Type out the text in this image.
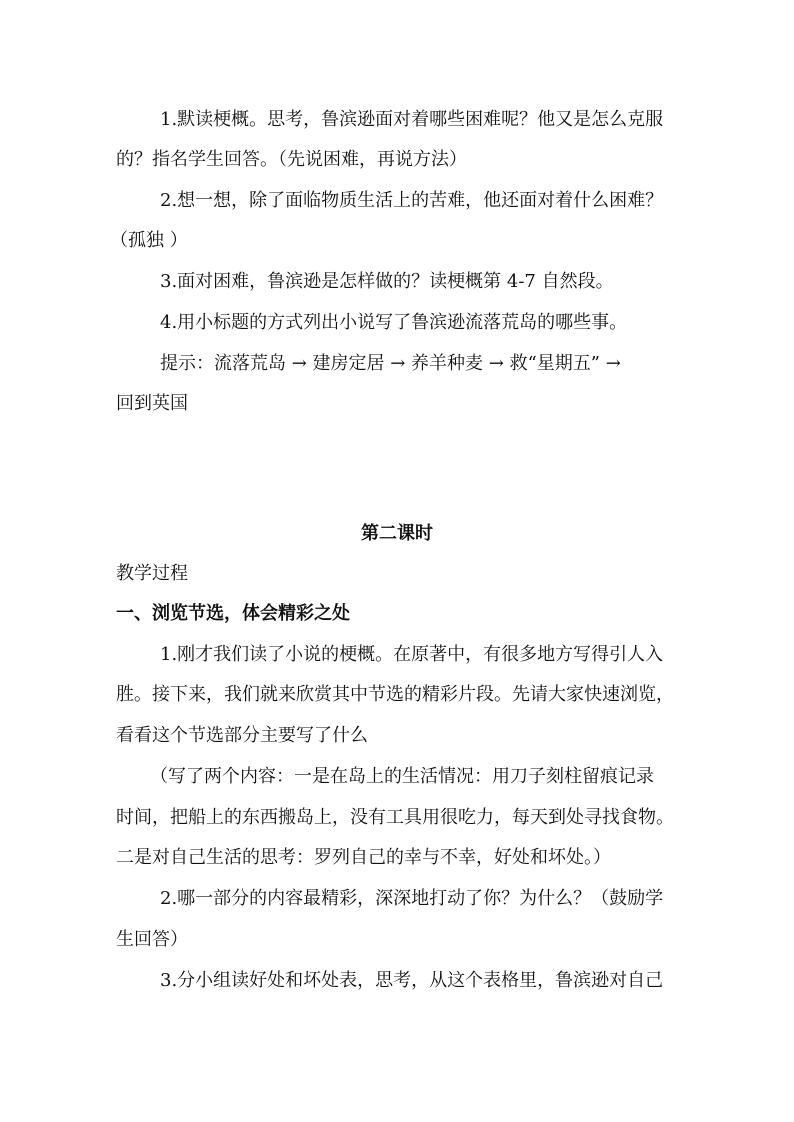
1.默读梗概。思考，鲁滨逊面对着哪些困难呢？他又是怎么克服
的？指名学生回答。（先说困难，再说方法）
2.想一想，除了面临物质生活上的苦难，他还面对着什么困难？
（孤独 ）
3.面对困难，鲁滨逊是怎样做的？读梗概第 4-7 自然段。
4.用小标题的方式列出小说写了鲁滨逊流落荒岛的哪些事。
提示：流落荒岛 → 建房定居 → 养羊种麦 → 救“星期五” →
回到英国
第二课时
教学过程
一、浏览节选，体会精彩之处
1.刚才我们读了小说的梗概。在原著中，有很多地方写得引人入
胜。接下来，我们就来欣赏其中节选的精彩片段。先请大家快速浏览，
看看这个节选部分主要写了什么
（写了两个内容：一是在岛上的生活情况：用刀子刻柱留痕记录
时间，把船上的东西搬岛上，没有工具用很吃力，每天到处寻找食物。
二是对自己生活的思考：罗列自己的幸与不幸，好处和坏处。）
2.哪一部分的内容最精彩，深深地打动了你？为什么？（鼓励学
生回答）
3.分小组读好处和坏处表，思考，从这个表格里，鲁滨逊对自己
